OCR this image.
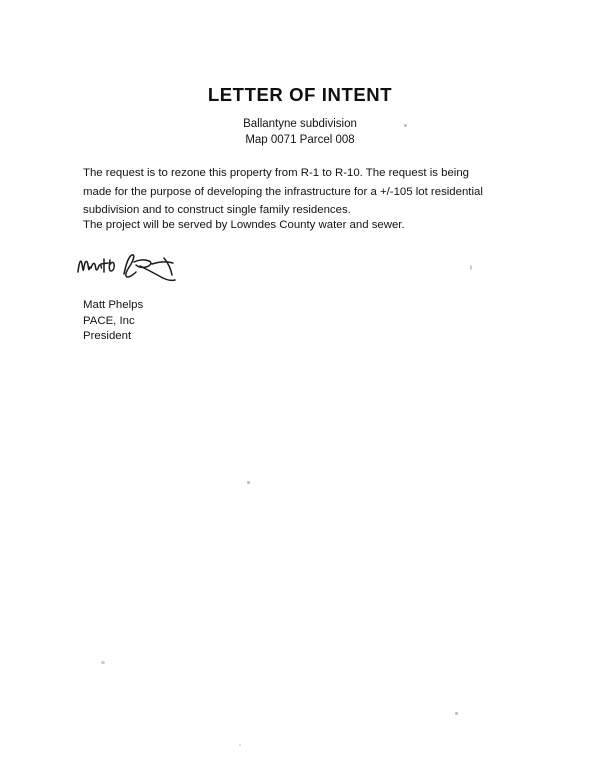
LETTER OF INTENT
Ballantyne subdivision
Map 0071 Parcel 008
The request is to rezone this property from R-1 to R-10. The request is being made for the purpose of developing the infrastructure for a +/-105 lot residential subdivision and to construct single family residences.
The project will be served by Lowndes County water and sewer.
Matt Phelps
PACE, Inc
President
